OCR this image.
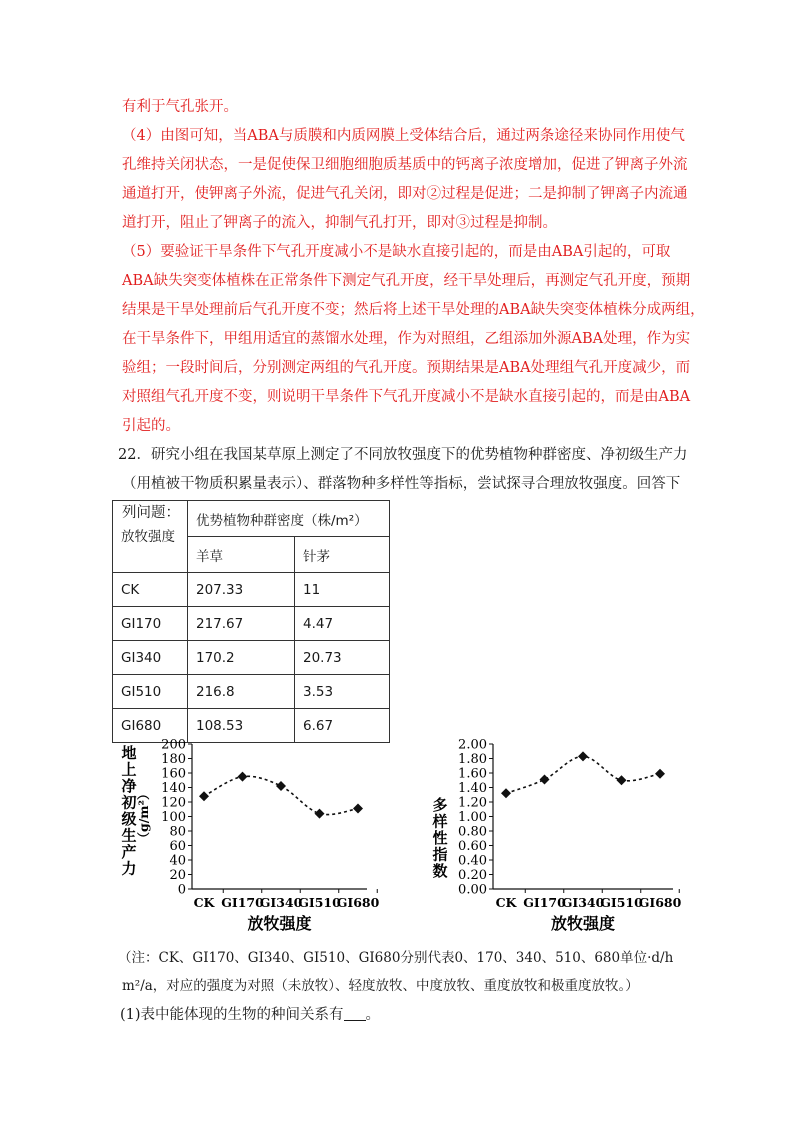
有利于气孔张开。
（4）由图可知，当ABA与质膜和内质网膜上受体结合后，通过两条途径来协同作用使气
孔维持关闭状态，一是促使保卫细胞细胞质基质中的钙离子浓度增加，促进了钾离子外流
通道打开，使钾离子外流，促进气孔关闭，即对②过程是促进；二是抑制了钾离子内流通
道打开，阻止了钾离子的流入，抑制气孔打开，即对③过程是抑制。
（5）要验证干旱条件下气孔开度减小不是缺水直接引起的，而是由ABA引起的，可取
ABA缺失突变体植株在正常条件下测定气孔开度，经干旱处理后，再测定气孔开度，预期
结果是干旱处理前后气孔开度不变；然后将上述干旱处理的ABA缺失突变体植株分成两组，
在干旱条件下，甲组用适宜的蒸馏水处理，作为对照组，乙组添加外源ABA处理，作为实
验组；一段时间后，分别测定两组的气孔开度。预期结果是ABA处理组气孔开度减少，而
对照组气孔开度不变，则说明干旱条件下气孔开度减小不是缺水直接引起的，而是由ABA
引起的。
22．研究小组在我国某草原上测定了不同放牧强度下的优势植物种群密度、净初级生产力
（用植被干物质积累量表示）、群落物种多样性等指标，尝试探寻合理放牧强度。回答下
列问题：
放牧强度	优势植物种群密度（株/m²）	
	羊草	针茅
CK	207.33	11
GI170	217.67	4.47
GI340	170.2	20.73
GI510	216.8	3.53
GI680	108.53	6.67
0
20
40
60
80
100
120
140
160
180
200
CK GI170
GI340
GI510
GI680
放牧强度
地
上
净
初
级
生
产
力
（g/m²）
0.00
0.20
0.40
0.60
0.80
1.00
1.20
1.40
1.60
1.80
2.00
CK GI170
GI340
GI510
GI680
放牧强度
多
样
性
指
数
（注：CK、GI170、GI340、GI510、GI680分别代表0、170、340、510、680单位·d/h
m²/a，对应的强度为对照（未放牧）、轻度放牧、中度放牧、重度放牧和极重度放牧。）
(1)表中能体现的生物的种间关系有 。
